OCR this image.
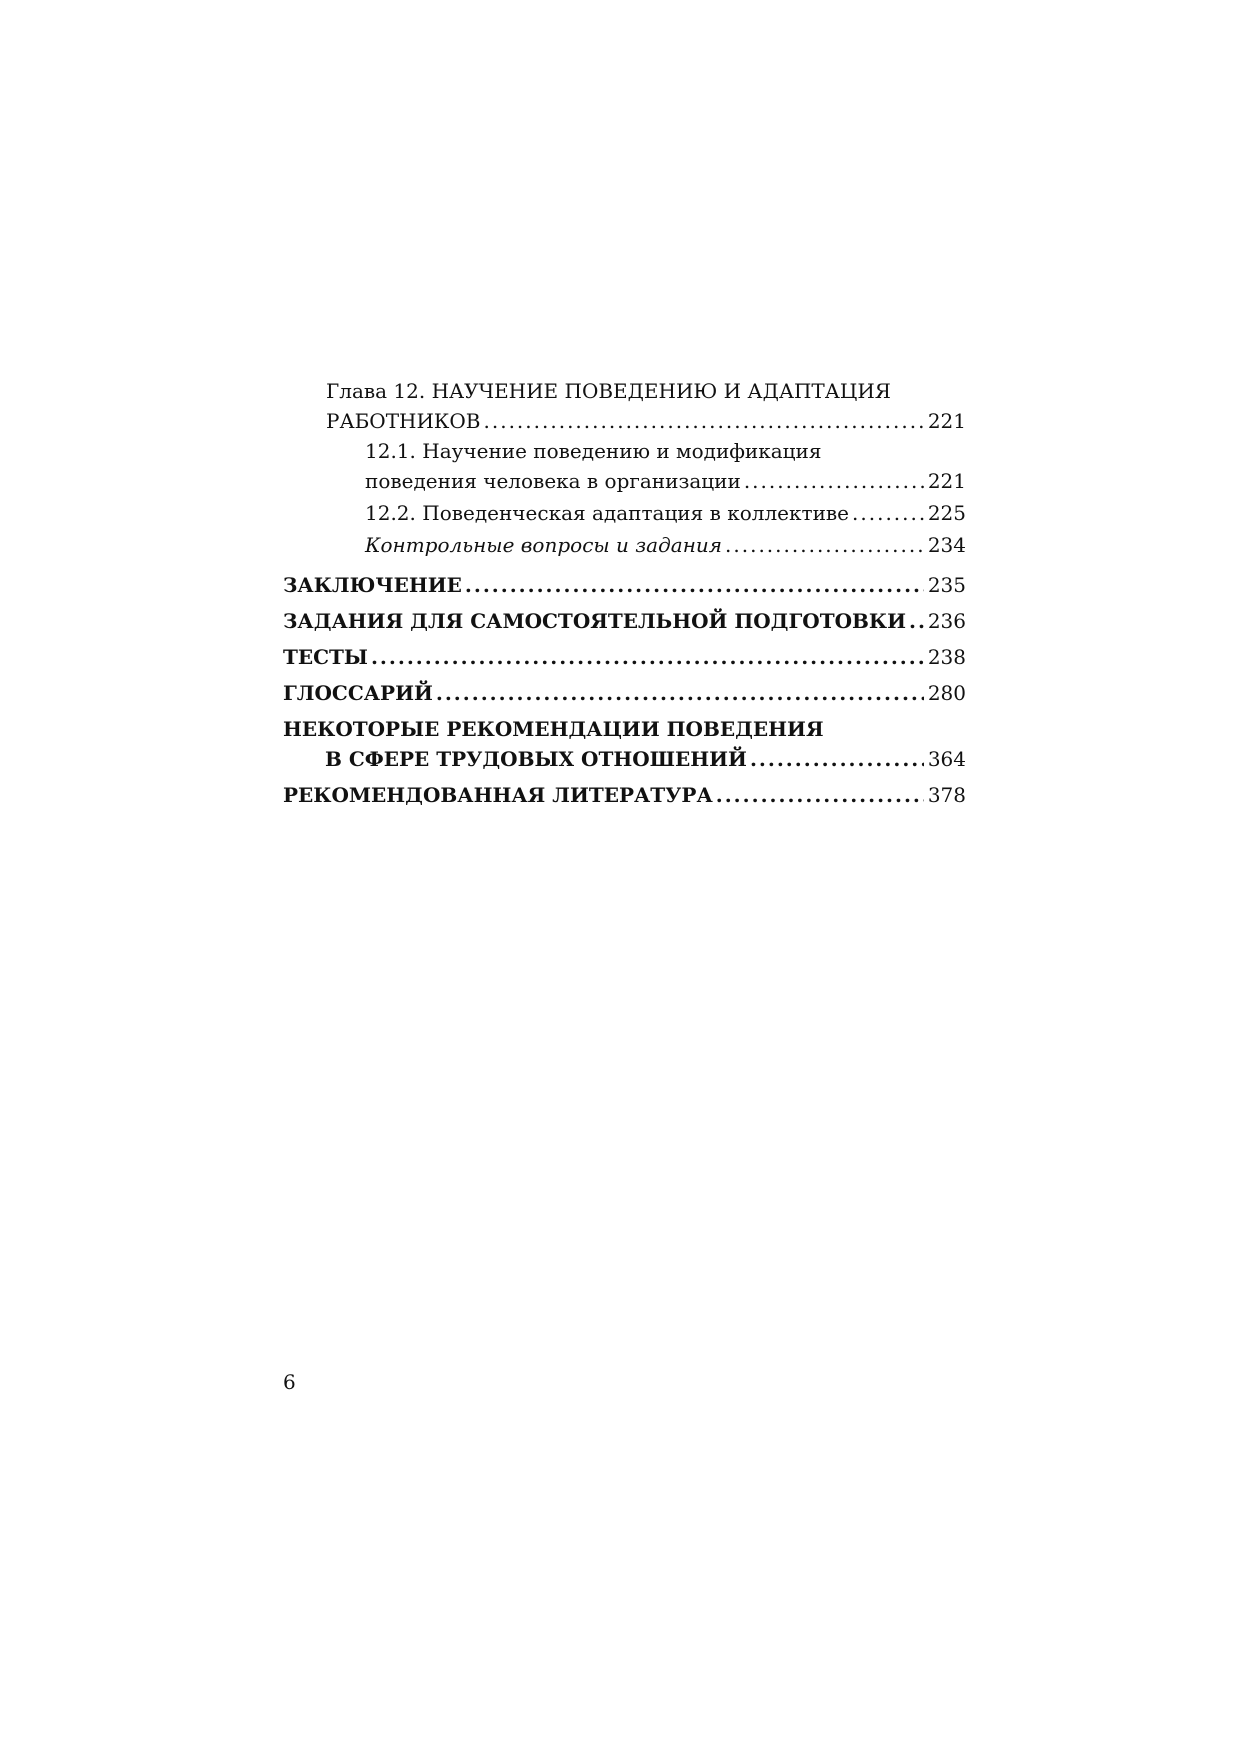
Глава 12. НАУЧЕНИЕ ПОВЕДЕНИЮ И АДАПТАЦИЯ
РАБОТНИКОВ .....	221
12.1. Научение поведению и модификация
поведения человека в организации .....	221
12.2. Поведенческая адаптация в коллективе .....	225
Контрольные вопросы и задания .....	234
ЗАКЛЮЧЕНИЕ .....	235
ЗАДАНИЯ ДЛЯ САМОСТОЯТЕЛЬНОЙ ПОДГОТОВКИ ..... 236
ТЕСТЫ .....	238
ГЛОССАРИЙ .....	280
НЕКОТОРЫЕ РЕКОМЕНДАЦИИ ПОВЕДЕНИЯ
В СФЕРЕ ТРУДОВЫХ ОТНОШЕНИЙ .....	364
РЕКОМЕНДОВАННАЯ ЛИТЕРАТУРА .....	378
6
